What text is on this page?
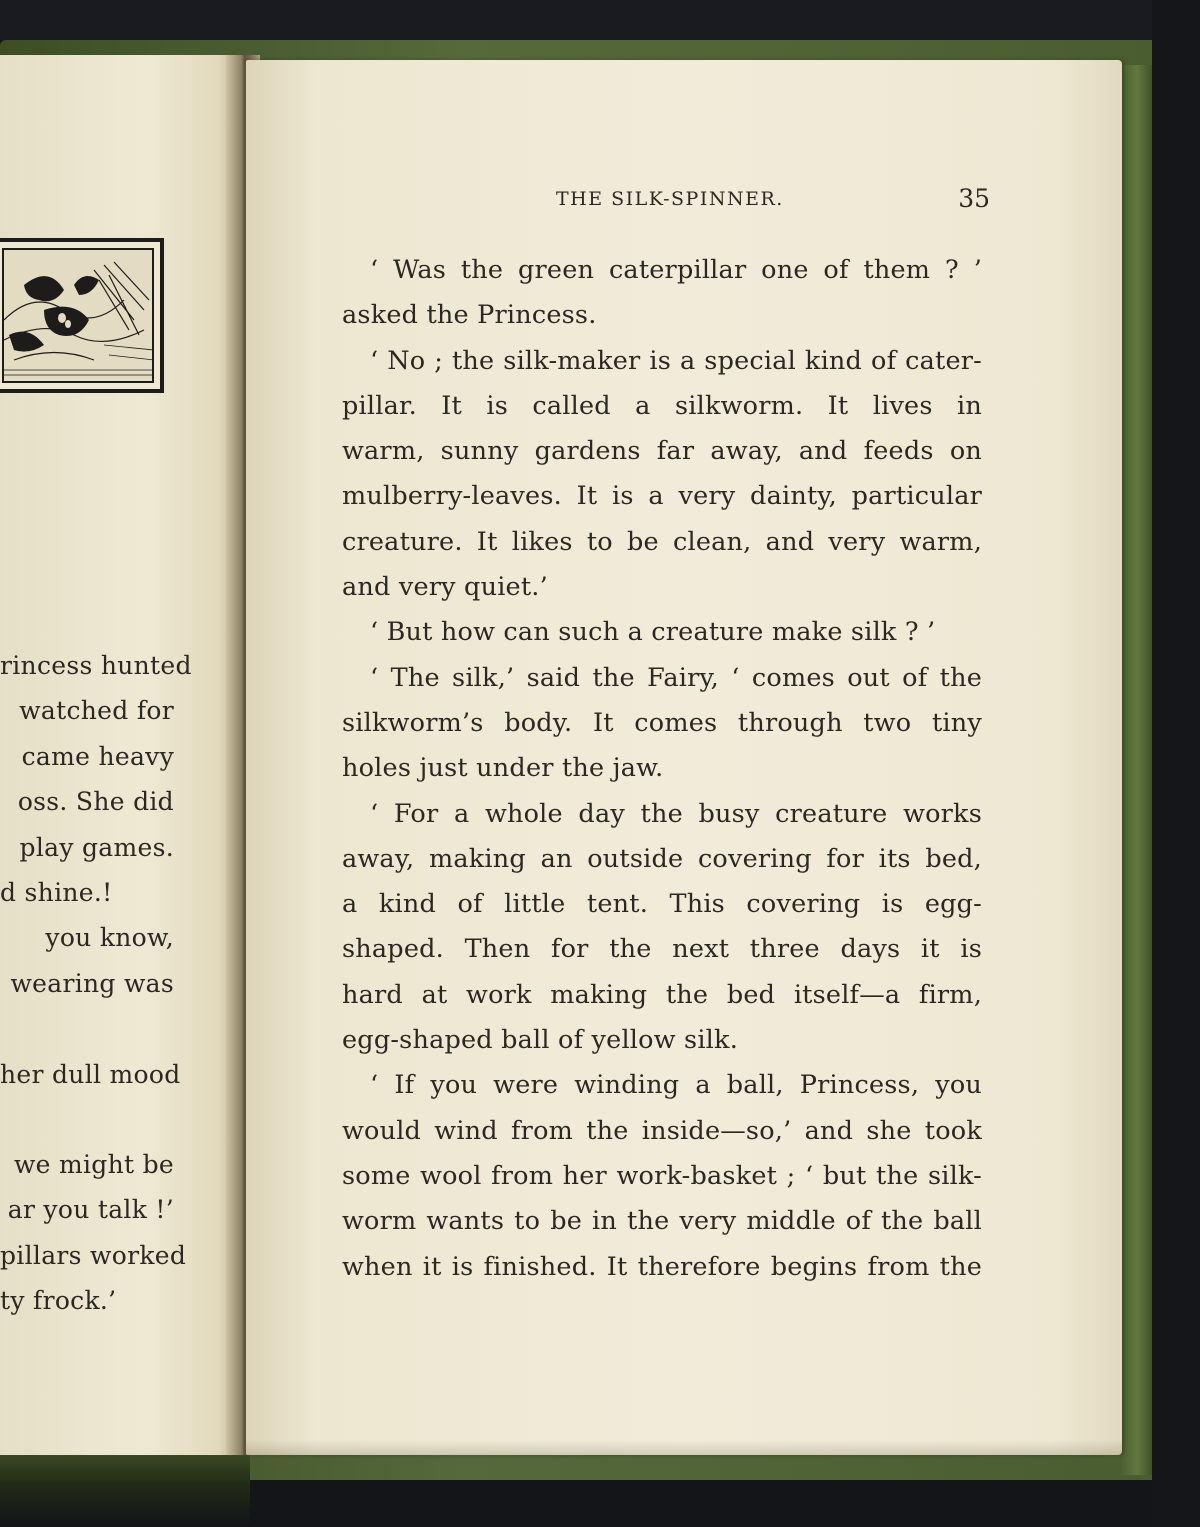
rincess hunted
watched for
came heavy
oss. She did
play games.
d shine.!
you know,
wearing was
her dull mood
we might be
ar you talk !’
pillars worked
ty frock.’
THE SILK-SPINNER.	35
‘ Was the green caterpillar one of them ? ’
asked the Princess.
‘ No ; the silk-maker is a special kind of cater-
pillar. It is called a silkworm. It lives in
warm, sunny gardens far away, and feeds on
mulberry-leaves. It is a very dainty, particular
creature. It likes to be clean, and very warm,
and very quiet.’
‘ But how can such a creature make silk ? ’
‘ The silk,’ said the Fairy, ‘ comes out of the
silkworm’s body. It comes through two tiny
holes just under the jaw.
‘ For a whole day the busy creature works
away, making an outside covering for its bed,
a kind of little tent. This covering is egg-
shaped. Then for the next three days it is
hard at work making the bed itself—a firm,
egg-shaped ball of yellow silk.
‘ If you were winding a ball, Princess, you
would wind from the inside—so,’ and she took
some wool from her work-basket ; ‘ but the silk-
worm wants to be in the very middle of the ball
when it is finished. It therefore begins from the
